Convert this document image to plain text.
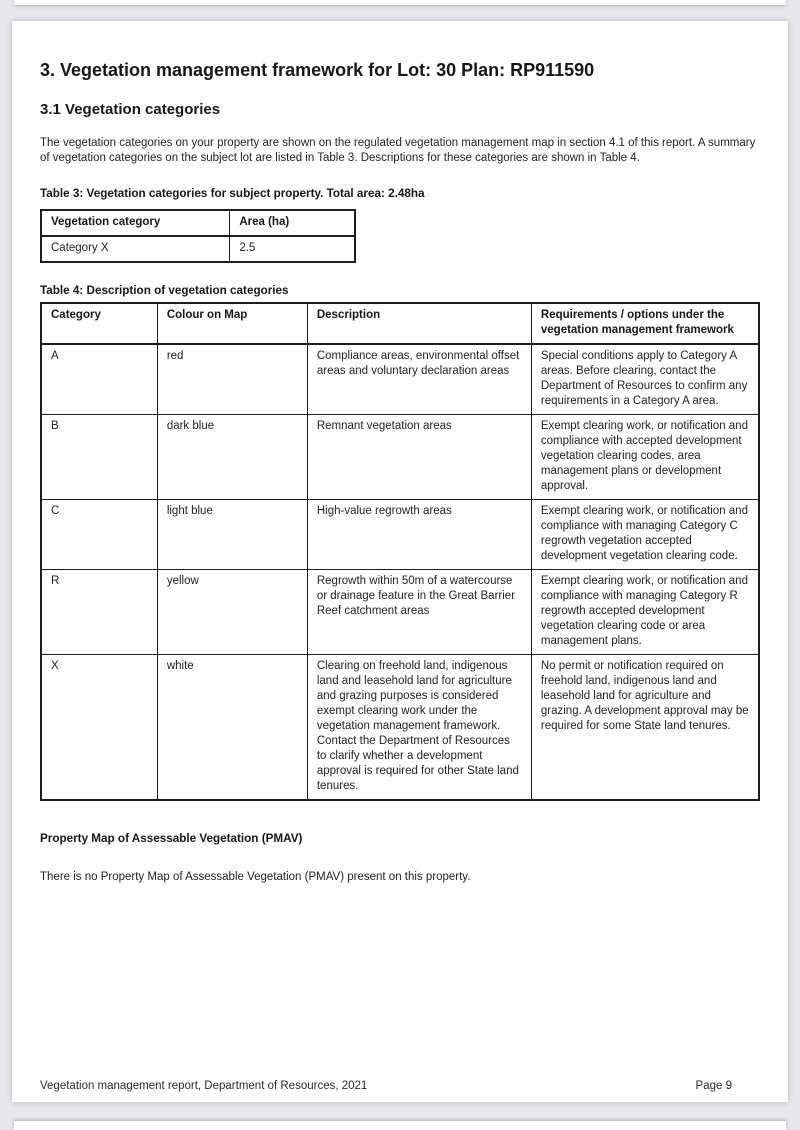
3. Vegetation management framework for Lot: 30 Plan: RP911590
3.1 Vegetation categories

The vegetation categories on your property are shown on the regulated vegetation management map in section 4.1 of this report. A summary of vegetation categories on the subject lot are listed in Table 3. Descriptions for these categories are shown in Table 4.

Table 3: Vegetation categories for subject property. Total area: 2.48ha

Vegetation category	Area (ha)
Category X	2.5

Table 4: Description of vegetation categories

Category	Colour on Map	Description	Requirements / options under the vegetation management framework
A	red	Compliance areas, environmental offset areas and voluntary declaration areas	Special conditions apply to Category A areas. Before clearing, contact the Department of Resources to confirm any requirements in a Category A area.
B	dark blue	Remnant vegetation areas	Exempt clearing work, or notification and compliance with accepted development vegetation clearing codes, area management plans or development approval.
C	light blue	High-value regrowth areas	Exempt clearing work, or notification and compliance with managing Category C regrowth vegetation accepted development vegetation clearing code.
R	yellow	Regrowth within 50m of a watercourse or drainage feature in the Great Barrier Reef catchment areas	Exempt clearing work, or notification and compliance with managing Category R regrowth accepted development vegetation clearing code or area management plans.
X	white	Clearing on freehold land, indigenous land and leasehold land for agriculture and grazing purposes is considered exempt clearing work under the vegetation management framework. Contact the Department of Resources to clarify whether a development approval is required for other State land tenures.	No permit or notification required on freehold land, indigenous land and leasehold land for agriculture and grazing. A development approval may be required for some State land tenures.

Property Map of Assessable Vegetation (PMAV)

There is no Property Map of Assessable Vegetation (PMAV) present on this property.

Vegetation management report, Department of Resources, 2021	Page 9
